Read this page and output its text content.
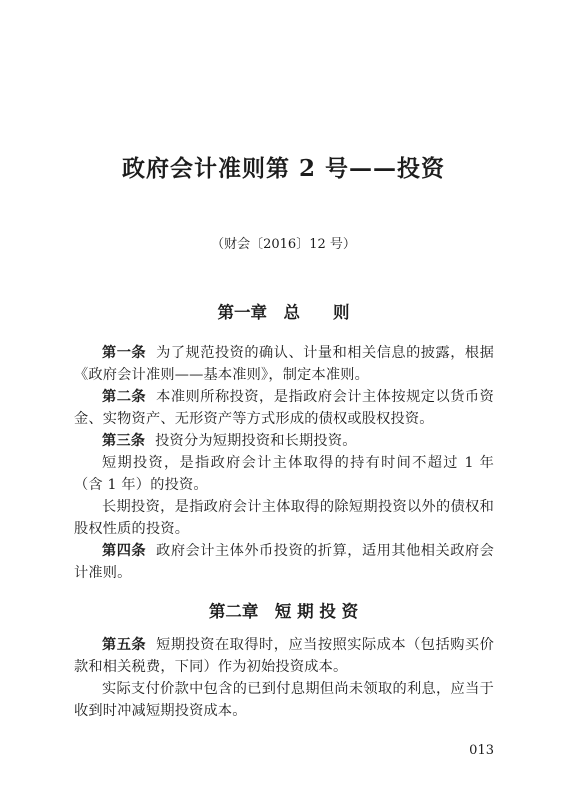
政府会计准则第 2 号——投资
（财会〔2016〕12 号）
第一章　总　　则

第一条 为了规范投资的确认、计量和相关信息的披露，根据《政府会计准则——基本准则》，制定本准则。

第二条 本准则所称投资，是指政府会计主体按规定以货币资金、实物资产、无形资产等方式形成的债权或股权投资。

第三条 投资分为短期投资和长期投资。

短期投资，是指政府会计主体取得的持有时间不超过 1 年（含 1 年）的投资。

长期投资，是指政府会计主体取得的除短期投资以外的债权和股权性质的投资。

第四条 政府会计主体外币投资的折算，适用其他相关政府会计准则。

第二章　短 期 投 资

第五条 短期投资在取得时，应当按照实际成本（包括购买价款和相关税费，下同）作为初始投资成本。

实际支付价款中包含的已到付息期但尚未领取的利息，应当于收到时冲减短期投资成本。

013
